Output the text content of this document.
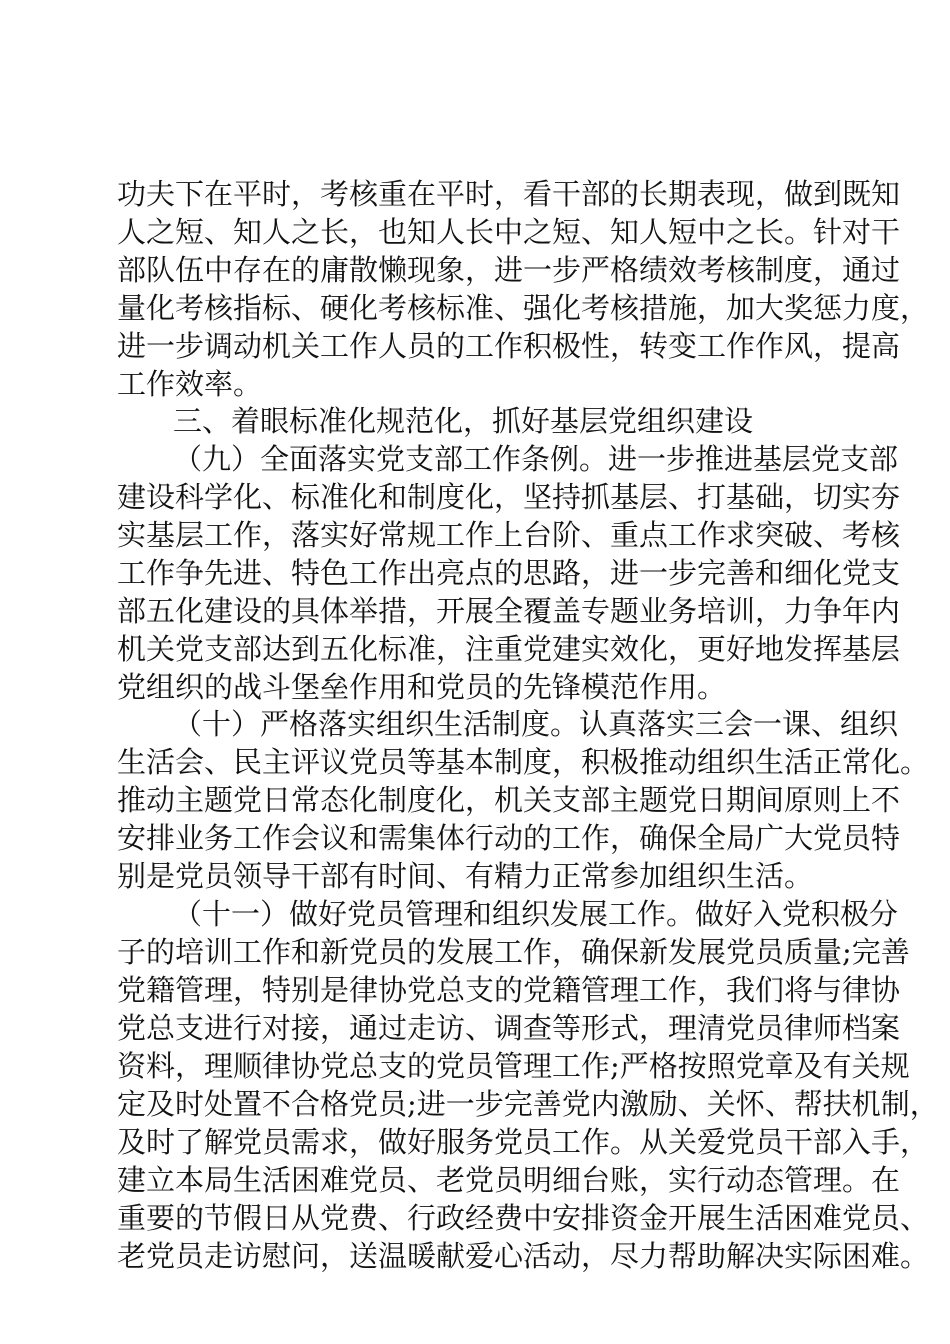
功夫下在平时，考核重在平时，看干部的长期表现，做到既知
人之短、知人之长，也知人长中之短、知人短中之长。针对干
部队伍中存在的庸散懒现象，进一步严格绩效考核制度，通过
量化考核指标、硬化考核标准、强化考核措施，加大奖惩力度，
进一步调动机关工作人员的工作积极性，转变工作作风，提高
工作效率。
三、着眼标准化规范化，抓好基层党组织建设
（九）全面落实党支部工作条例。进一步推进基层党支部
建设科学化、标准化和制度化，坚持抓基层、打基础，切实夯
实基层工作，落实好常规工作上台阶、重点工作求突破、考核
工作争先进、特色工作出亮点的思路，进一步完善和细化党支
部五化建设的具体举措，开展全覆盖专题业务培训，力争年内
机关党支部达到五化标准，注重党建实效化，更好地发挥基层
党组织的战斗堡垒作用和党员的先锋模范作用。
（十）严格落实组织生活制度。认真落实三会一课、组织
生活会、民主评议党员等基本制度，积极推动组织生活正常化。
推动主题党日常态化制度化，机关支部主题党日期间原则上不
安排业务工作会议和需集体行动的工作，确保全局广大党员特
别是党员领导干部有时间、有精力正常参加组织生活。
（十一）做好党员管理和组织发展工作。做好入党积极分
子的培训工作和新党员的发展工作，确保新发展党员质量;完善
党籍管理，特别是律协党总支的党籍管理工作，我们将与律协
党总支进行对接，通过走访、调查等形式，理清党员律师档案
资料，理顺律协党总支的党员管理工作;严格按照党章及有关规
定及时处置不合格党员;进一步完善党内激励、关怀、帮扶机制，
及时了解党员需求，做好服务党员工作。从关爱党员干部入手，
建立本局生活困难党员、老党员明细台账，实行动态管理。在
重要的节假日从党费、行政经费中安排资金开展生活困难党员、
老党员走访慰问，送温暖献爱心活动，尽力帮助解决实际困难。
